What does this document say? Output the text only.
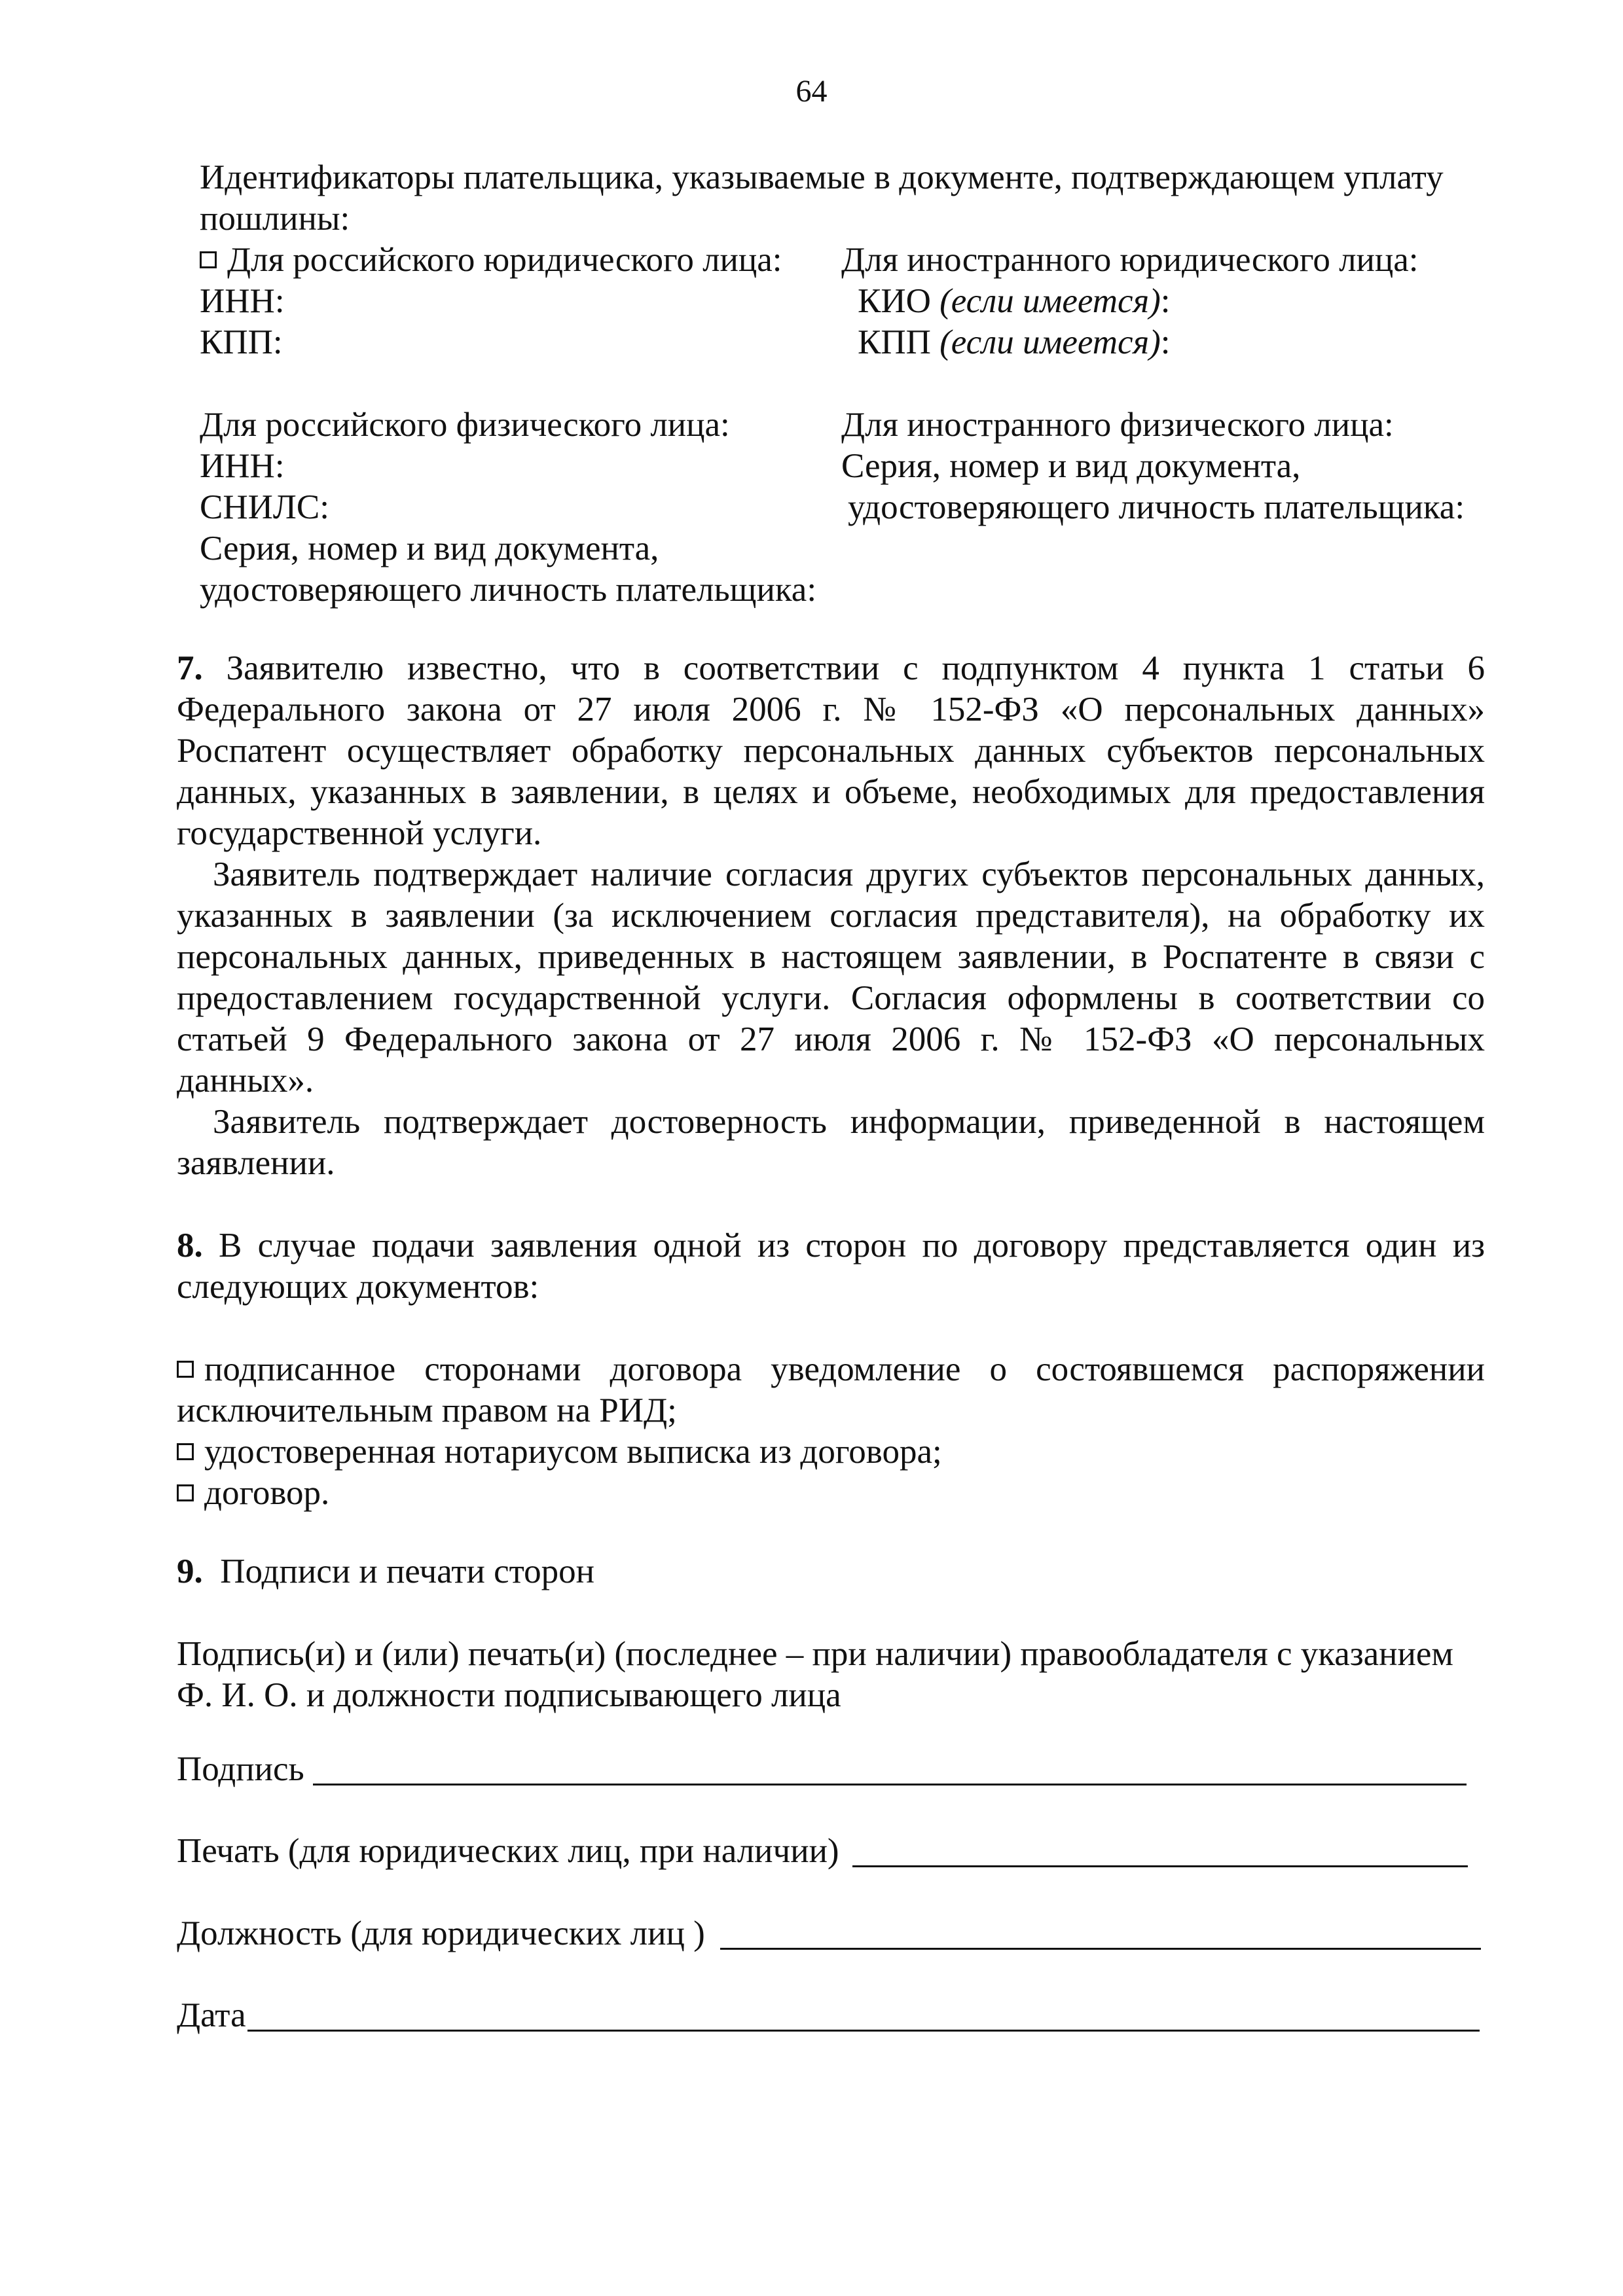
64
Идентификаторы плательщика, указываемые в документе, подтверждающем уплату
пошлины:
Для российского юридического лица:
ИНН:
КПП:
Для иностранного юридического лица:
КИО (если имеется):
КПП (если имеется):
Для российского физического лица:
ИНН:
СНИЛС:
Серия, номер и вид документа,
удостоверяющего личность плательщика:
Для иностранного физического лица:
Серия, номер и вид документа,
удостоверяющего личность плательщика:
7. Заявителю известно, что в соответствии с подпунктом 4 пункта 1 статьи 6
Федерального закона от 27 июля 2006 г. № 152-ФЗ «О персональных данных»
Роспатент осуществляет обработку персональных данных субъектов персональных
данных, указанных в заявлении, в целях и объеме, необходимых для предоставления
государственной услуги.
Заявитель подтверждает наличие согласия других субъектов персональных данных,
указанных в заявлении (за исключением согласия представителя), на обработку их
персональных данных, приведенных в настоящем заявлении, в Роспатенте в связи с
предоставлением государственной услуги. Согласия оформлены в соответствии со
статьей 9 Федерального закона от 27 июля 2006 г. № 152-ФЗ «О персональных
данных».
Заявитель подтверждает достоверность информации, приведенной в настоящем
заявлении.
8. В случае подачи заявления одной из сторон по договору представляется один из
следующих документов:
подписанное сторонами договора уведомление о состоявшемся распоряжении
исключительным правом на РИД;
удостоверенная нотариусом выписка из договора;
договор.
9. Подписи и печати сторон
Подпись(и) и (или) печать(и) (последнее – при наличии) правообладателя с указанием
Ф. И. О. и должности подписывающего лица
Подпись
Печать (для юридических лиц, при наличии)
Должность (для юридических лиц )
Дата
